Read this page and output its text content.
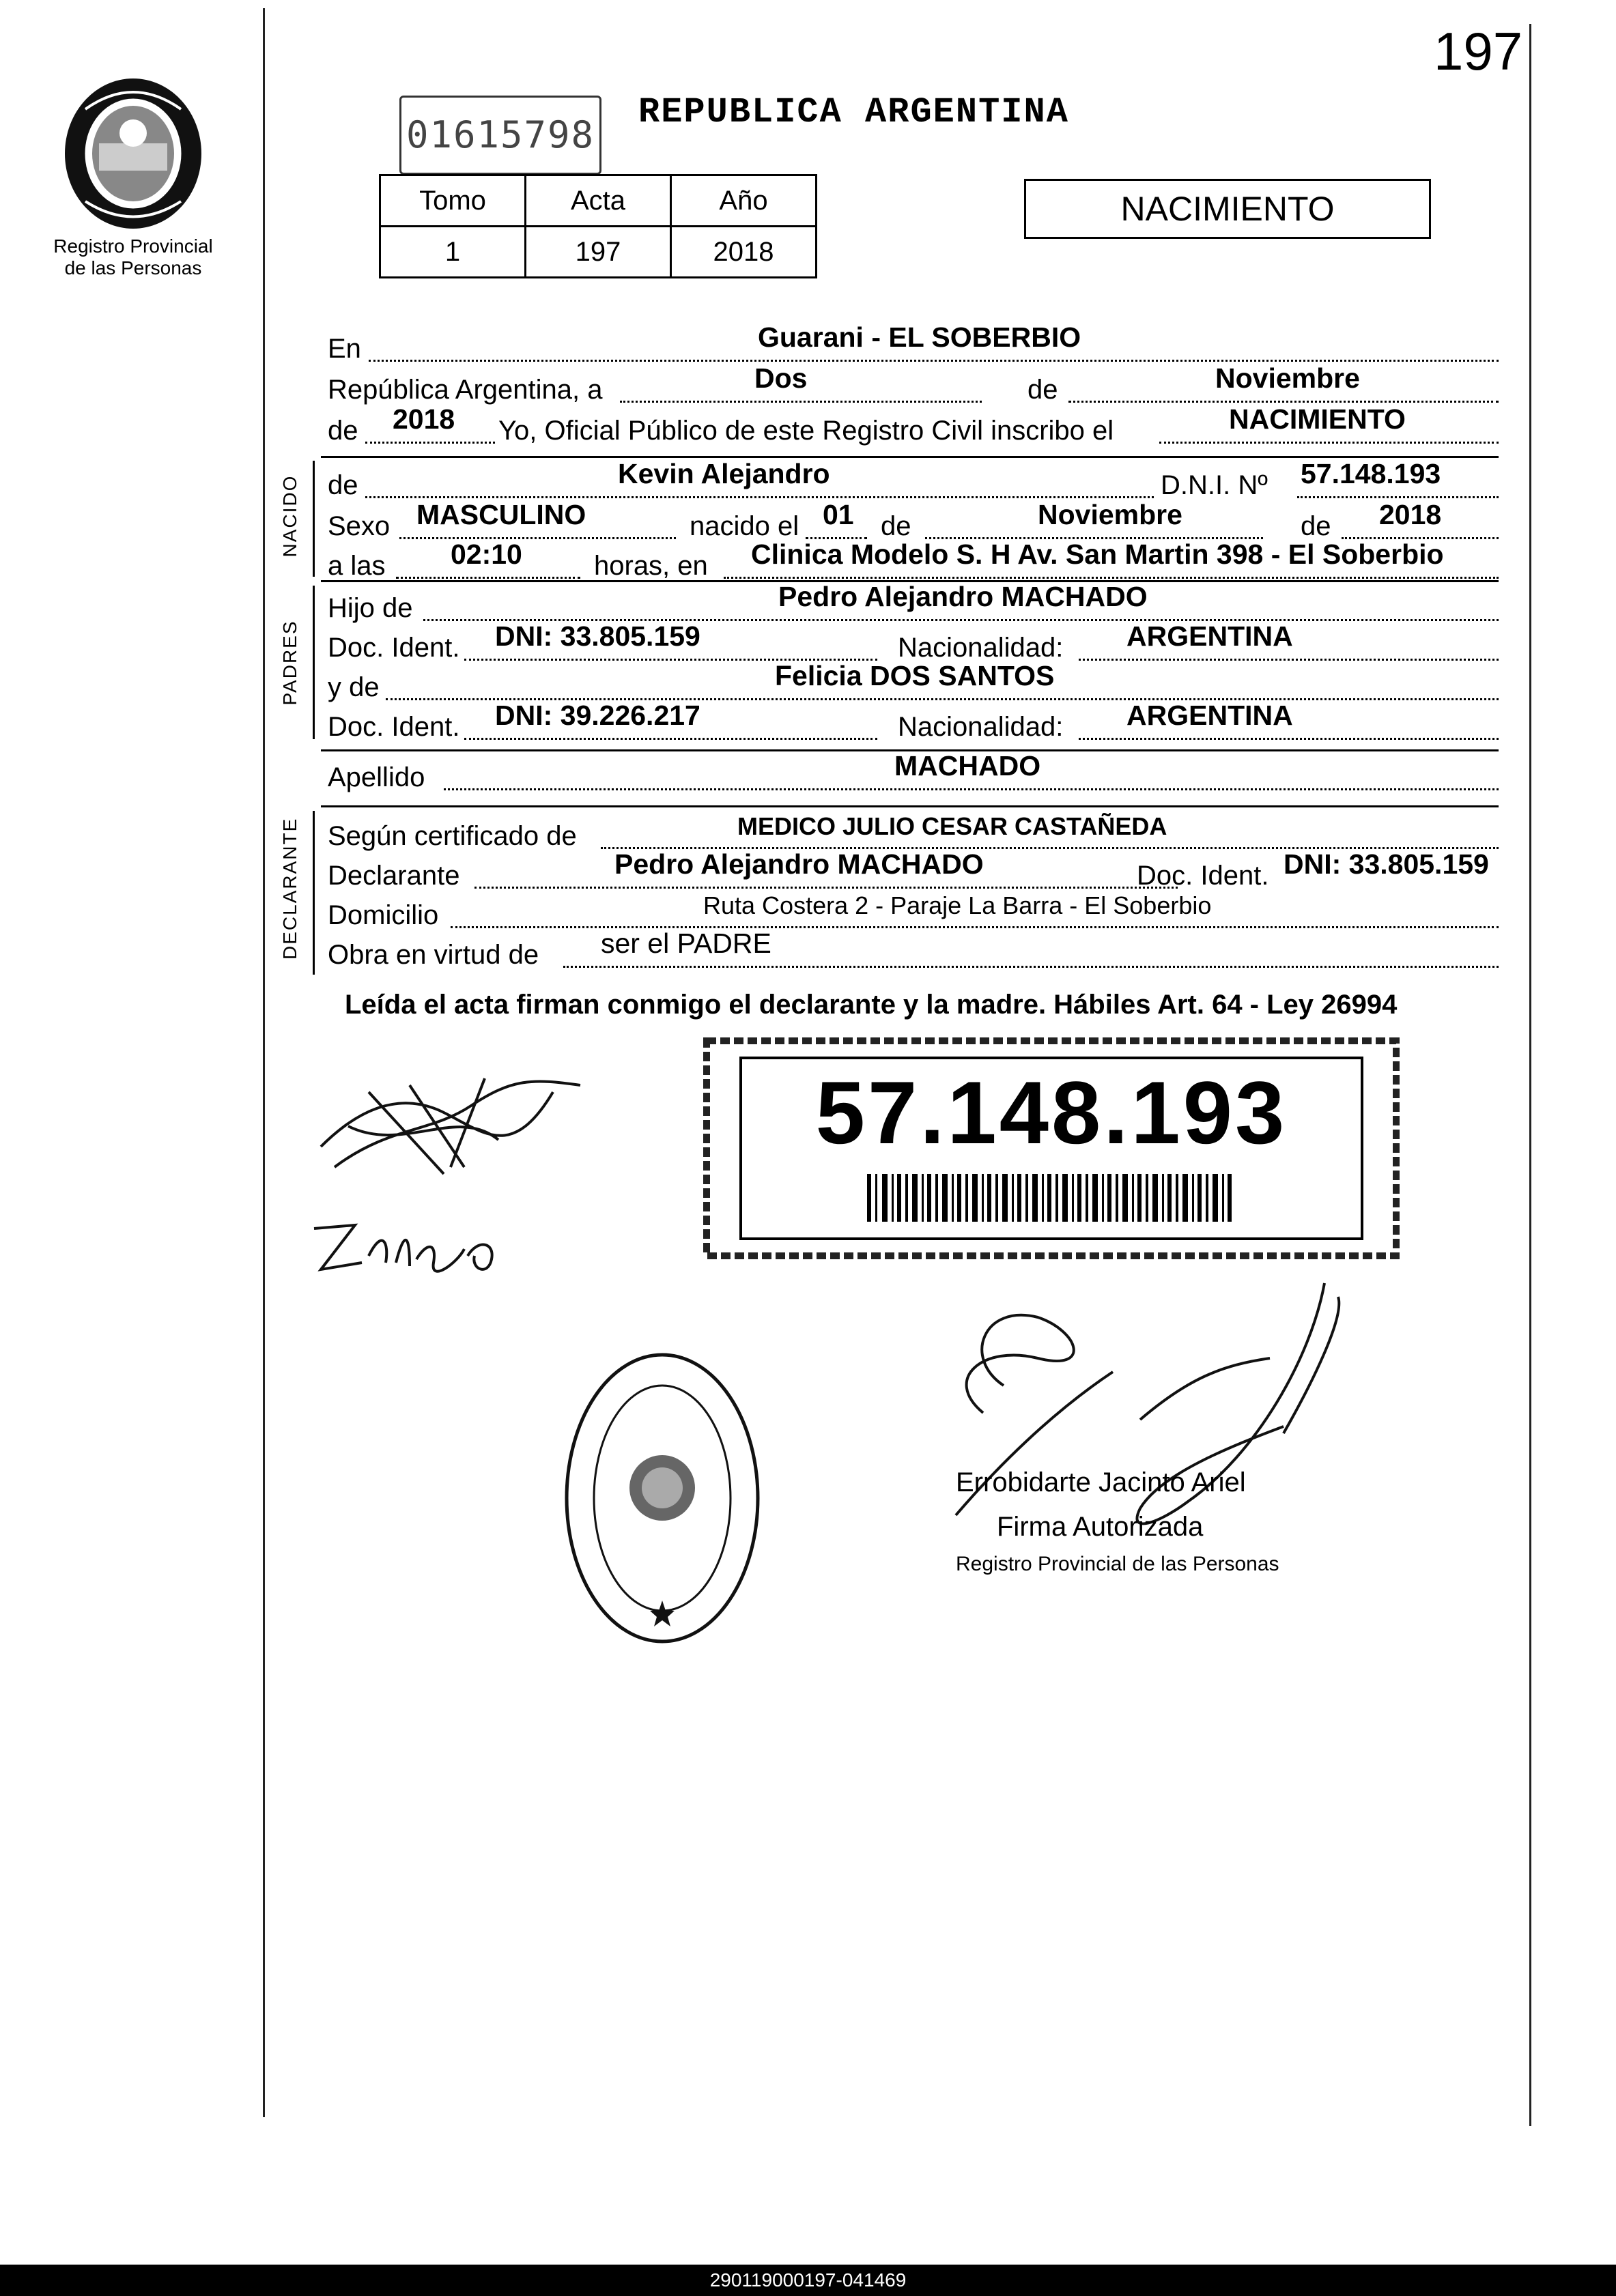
197
Registro Provincial
de las Personas
01615798
REPUBLICA ARGENTINA
Tomo	Acta	Año
1	197	2018
NACIMIENTO
En	Guarani - EL SOBERBIO
República Argentina, a	Dos	de	Noviembre
de 2018 Yo, Oficial Público de este Registro Civil inscribo el	NACIMIENTO
NACIDO de	Kevin Alejandro	D.N.I. Nº 57.148.193
Sexo MASCULINO	nacido el 01 de	Noviembre	de 2018
a las 02:10	horas, en Clinica Modelo S. H Av. San Martin 398 - El Soberbio
PADRES
Hijo de	Pedro Alejandro MACHADO
Doc. Ident. DNI: 33.805.159	Nacionalidad: ARGENTINA
y de	Felicia DOS SANTOS
Doc. Ident. DNI: 39.226.217	Nacionalidad: ARGENTINA
Apellido	MACHADO
DECLARANTE Según certificado de	MEDICO JULIO CESAR CASTAÑEDA
Declarante	Pedro Alejandro MACHADO	Doc. Ident. DNI: 33.805.159
Domicilio	Ruta Costera 2 - Paraje La Barra - El Soberbio
Obra en virtud de ser el PADRE
Leída el acta firman conmigo el declarante y la madre. Hábiles Art. 64 - Ley 26994
57.148.193
Errobidarte Jacinto Ariel
Firma Autorizada
Registro Provincial de las Personas
290119000197-041469
